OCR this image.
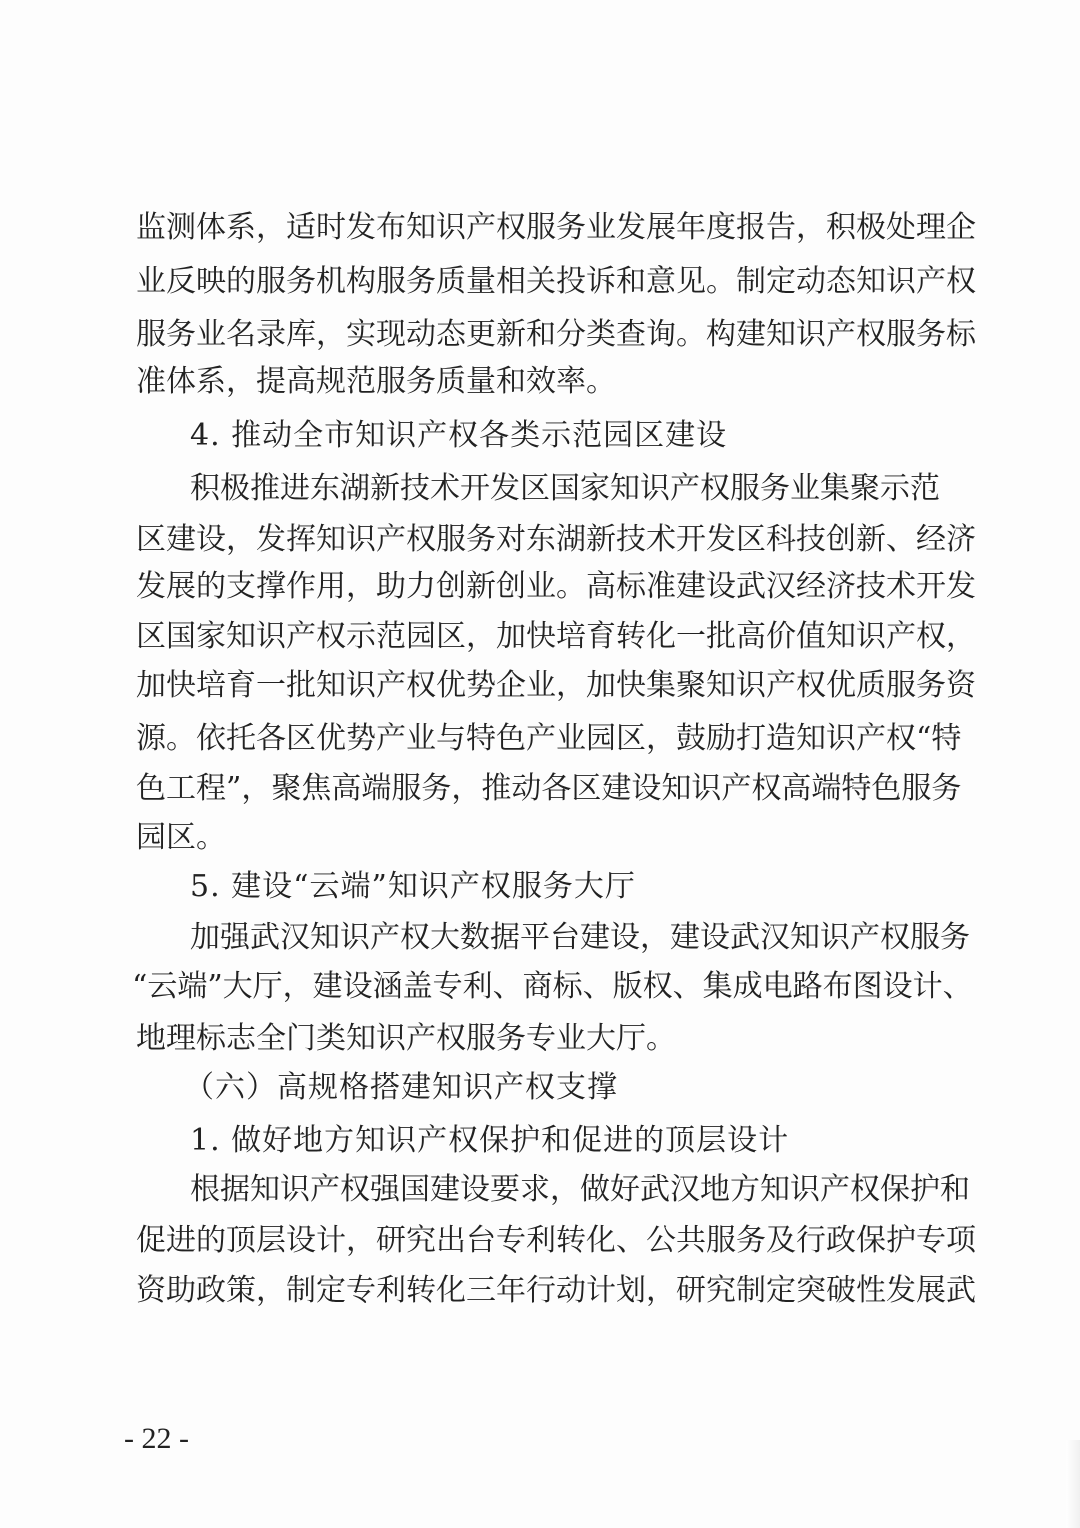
监测体系，适时发布知识产权服务业发展年度报告，积极处理企
业反映的服务机构服务质量相关投诉和意见。制定动态知识产权
服务业名录库，实现动态更新和分类查询。构建知识产权服务标
准体系，提高规范服务质量和效率。
4. 推动全市知识产权各类示范园区建设
积极推进东湖新技术开发区国家知识产权服务业集聚示范
区建设，发挥知识产权服务对东湖新技术开发区科技创新、经济
发展的支撑作用，助力创新创业。高标准建设武汉经济技术开发
区国家知识产权示范园区，加快培育转化一批高价值知识产权，
加快培育一批知识产权优势企业，加快集聚知识产权优质服务资
源。依托各区优势产业与特色产业园区，鼓励打造知识产权“特
色工程”，聚焦高端服务，推动各区建设知识产权高端特色服务
园区。
5. 建设“云端”知识产权服务大厅
加强武汉知识产权大数据平台建设，建设武汉知识产权服务
“云端”大厅，建设涵盖专利、商标、版权、集成电路布图设计、
地理标志全门类知识产权服务专业大厅。
（六）高规格搭建知识产权支撑
1. 做好地方知识产权保护和促进的顶层设计
根据知识产权强国建设要求，做好武汉地方知识产权保护和
促进的顶层设计，研究出台专利转化、公共服务及行政保护专项
资助政策，制定专利转化三年行动计划，研究制定突破性发展武
- 22 -
